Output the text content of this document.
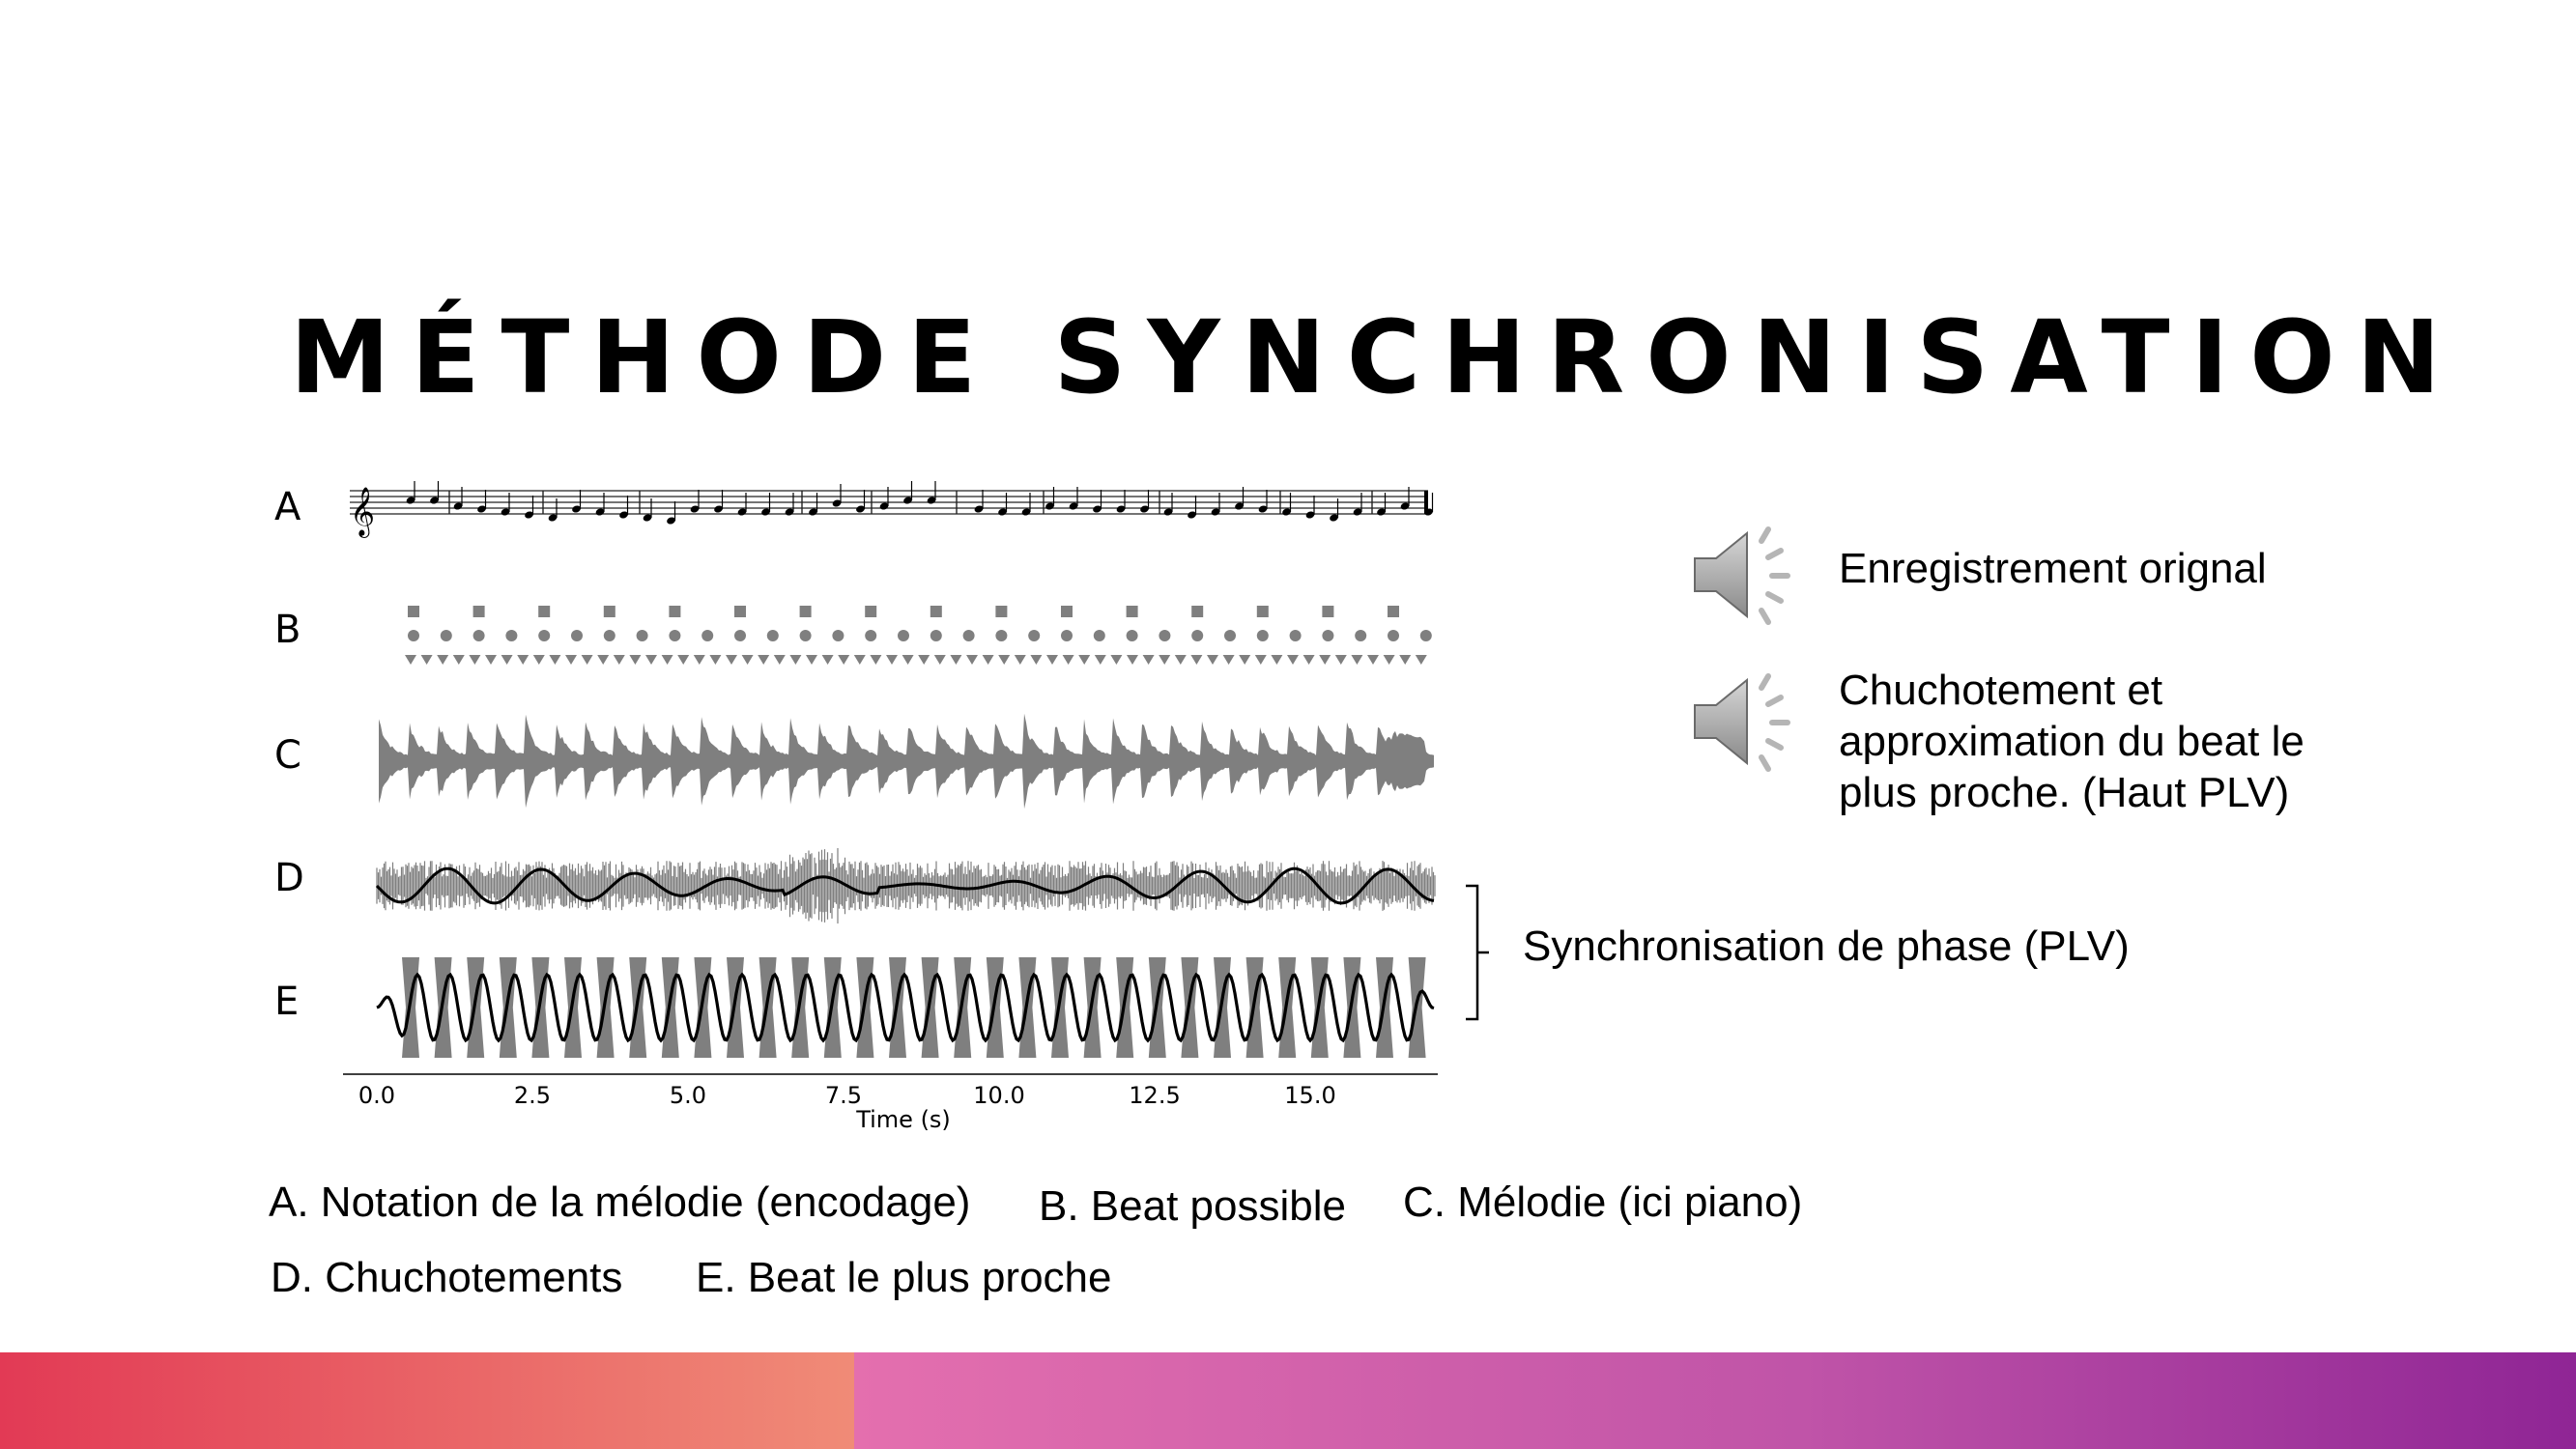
MÉTHODE SYNCHRONISATION
A
B
C
D
E
𝄞
0.0	2.5	5.0	7.5	10.0	12.5	15.0
Time (s)
Synchronisation de phase (PLV)
Enregistrement orignal
Chuchotement et
approximation du beat le
plus proche. (Haut PLV)
A. Notation de la mélodie (encodage) B. Beat possible C. Mélodie (ici piano)
D. Chuchotements E. Beat le plus proche
